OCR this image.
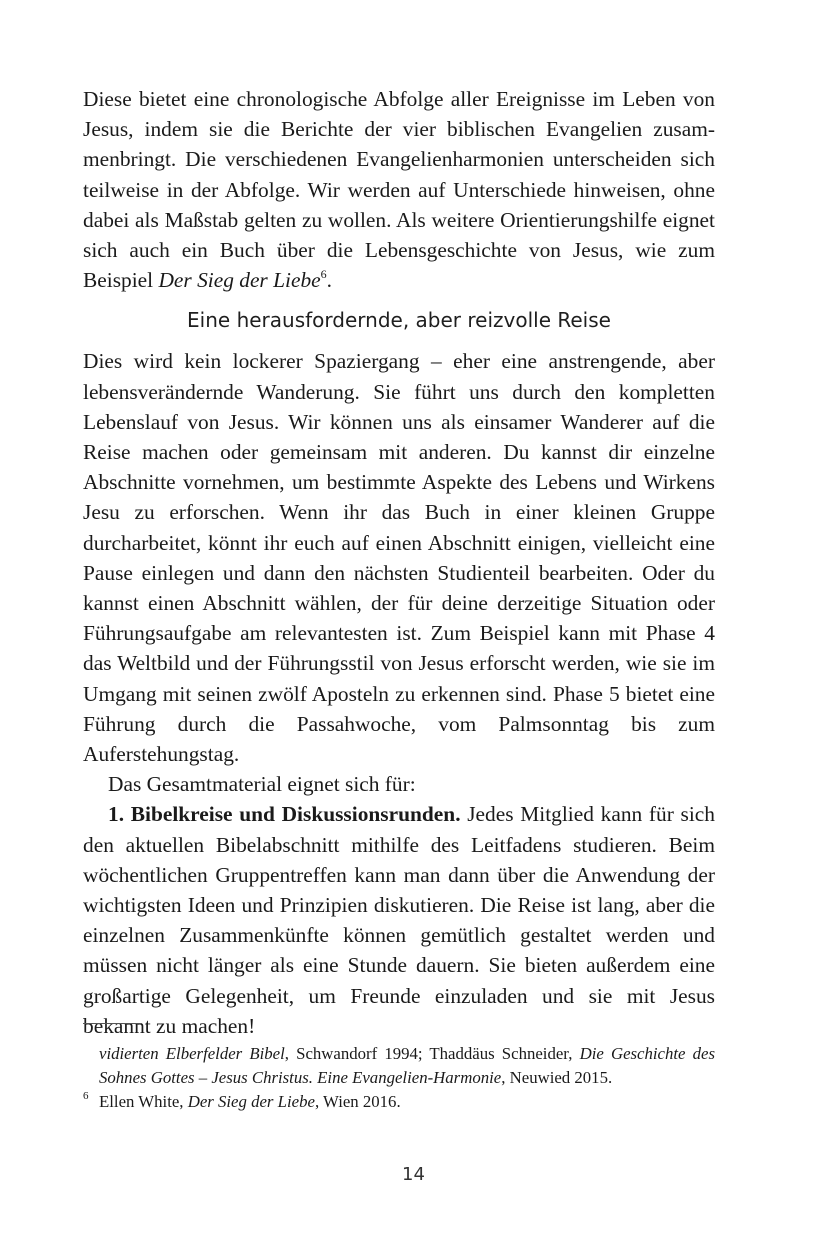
Diese bietet eine chronologische Abfolge aller Ereignisse im Leben von Jesus, indem sie die Berichte der vier biblischen Evangelien zusammenbringt. Die verschiedenen Evangelienharmonien unterscheiden sich teilweise in der Abfolge. Wir werden auf Unterschiede hinweisen, ohne dabei als Maßstab gelten zu wollen. Als weitere Orientierungshilfe eignet sich auch ein Buch über die Lebensgeschichte von Jesus, wie zum Beispiel Der Sieg der Liebe$^6$.

Eine herausfordernde, aber reizvolle Reise

Dies wird kein lockerer Spaziergang – eher eine anstrengende, aber lebensverändernde Wanderung. Sie führt uns durch den kompletten Lebenslauf von Jesus. Wir können uns als einsamer Wanderer auf die Reise machen oder gemeinsam mit anderen. Du kannst dir einzelne Abschnitte vornehmen, um bestimmte Aspekte des Lebens und Wirkens Jesu zu erforschen. Wenn ihr das Buch in einer kleinen Gruppe durcharbeitet, könnt ihr euch auf einen Abschnitt einigen, vielleicht eine Pause einlegen und dann den nächsten Studienteil bearbeiten. Oder du kannst einen Abschnitt wählen, der für deine derzeitige Situation oder Führungsaufgabe am relevantesten ist. Zum Beispiel kann mit Phase 4 das Weltbild und der Führungsstil von Jesus erforscht werden, wie sie im Umgang mit seinen zwölf Aposteln zu erkennen sind. Phase 5 bietet eine Führung durch die Passahwoche, vom Palmsonntag bis zum Auferstehungstag.

Das Gesamtmaterial eignet sich für:

1. Bibelkreise und Diskussionsrunden. Jedes Mitglied kann für sich den aktuellen Bibelabschnitt mithilfe des Leitfadens studieren. Beim wöchentlichen Gruppentreffen kann man dann über die Anwendung der wichtigsten Ideen und Prinzipien diskutieren. Die Reise ist lang, aber die einzelnen Zusammenkünfte können gemütlich gestaltet werden und müssen nicht länger als eine Stunde dauern. Sie bieten außerdem eine großartige Gelegenheit, um Freunde einzuladen und sie mit Jesus bekannt zu machen!

vidierten Elberfelder Bibel, Schwandorf 1994; Thaddäus Schneider, Die Geschichte des Sohnes Gottes – Jesus Christus. Eine Evangelien-Harmonie, Neuwied 2015.

6 Ellen White, Der Sieg der Liebe, Wien 2016.

14
